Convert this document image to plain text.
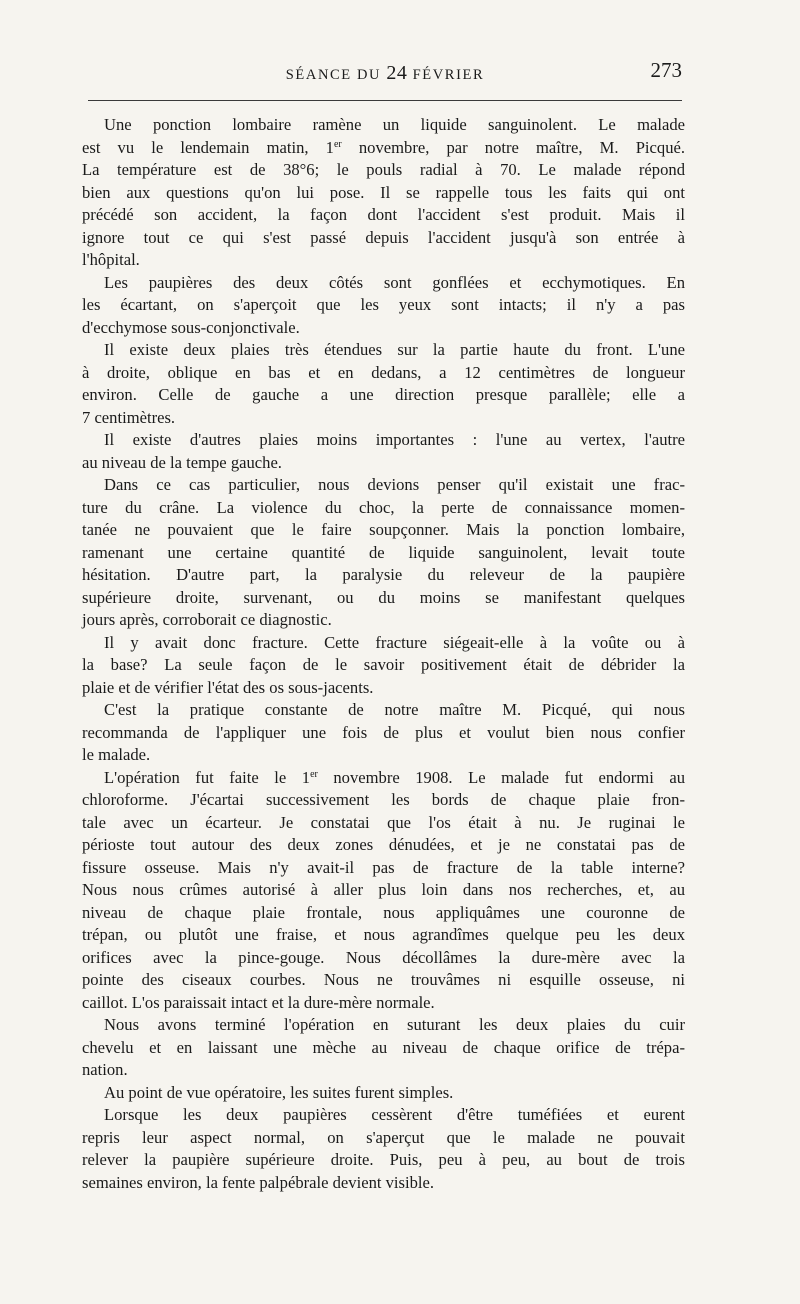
SÉANCE DU 24 FÉVRIER	273
Une ponction lombaire ramène un liquide sanguinolent. Le malade
est vu le lendemain matin, 1er novembre, par notre maître, M. Picqué.
La température est de 38°6; le pouls radial à 70. Le malade répond
bien aux questions qu'on lui pose. Il se rappelle tous les faits qui ont
précédé son accident, la façon dont l'accident s'est produit. Mais il
ignore tout ce qui s'est passé depuis l'accident jusqu'à son entrée à
l'hôpital.
Les paupières des deux côtés sont gonflées et ecchymotiques. En
les écartant, on s'aperçoit que les yeux sont intacts; il n'y a pas
d'ecchymose sous-conjonctivale.
Il existe deux plaies très étendues sur la partie haute du front. L'une
à droite, oblique en bas et en dedans, a 12 centimètres de longueur
environ. Celle de gauche a une direction presque parallèle; elle a
7 centimètres.
Il existe d'autres plaies moins importantes : l'une au vertex, l'autre
au niveau de la tempe gauche.
Dans ce cas particulier, nous devions penser qu'il existait une frac-
ture du crâne. La violence du choc, la perte de connaissance momen-
tanée ne pouvaient que le faire soupçonner. Mais la ponction lombaire,
ramenant une certaine quantité de liquide sanguinolent, levait toute
hésitation. D'autre part, la paralysie du releveur de la paupière
supérieure droite, survenant, ou du moins se manifestant quelques
jours après, corroborait ce diagnostic.
Il y avait donc fracture. Cette fracture siégeait-elle à la voûte ou à
la base? La seule façon de le savoir positivement était de débrider la
plaie et de vérifier l'état des os sous-jacents.
C'est la pratique constante de notre maître M. Picqué, qui nous
recommanda de l'appliquer une fois de plus et voulut bien nous confier
le malade.
L'opération fut faite le 1er novembre 1908. Le malade fut endormi au
chloroforme. J'écartai successivement les bords de chaque plaie fron-
tale avec un écarteur. Je constatai que l'os était à nu. Je ruginai le
périoste tout autour des deux zones dénudées, et je ne constatai pas de
fissure osseuse. Mais n'y avait-il pas de fracture de la table interne?
Nous nous crûmes autorisé à aller plus loin dans nos recherches, et, au
niveau de chaque plaie frontale, nous appliquâmes une couronne de
trépan, ou plutôt une fraise, et nous agrandîmes quelque peu les deux
orifices avec la pince-gouge. Nous décollâmes la dure-mère avec la
pointe des ciseaux courbes. Nous ne trouvâmes ni esquille osseuse, ni
caillot. L'os paraissait intact et la dure-mère normale.
Nous avons terminé l'opération en suturant les deux plaies du cuir
chevelu et en laissant une mèche au niveau de chaque orifice de trépa-
nation.
Au point de vue opératoire, les suites furent simples.
Lorsque les deux paupières cessèrent d'être tuméfiées et eurent
repris leur aspect normal, on s'aperçut que le malade ne pouvait
relever la paupière supérieure droite. Puis, peu à peu, au bout de trois
semaines environ, la fente palpébrale devient visible.
